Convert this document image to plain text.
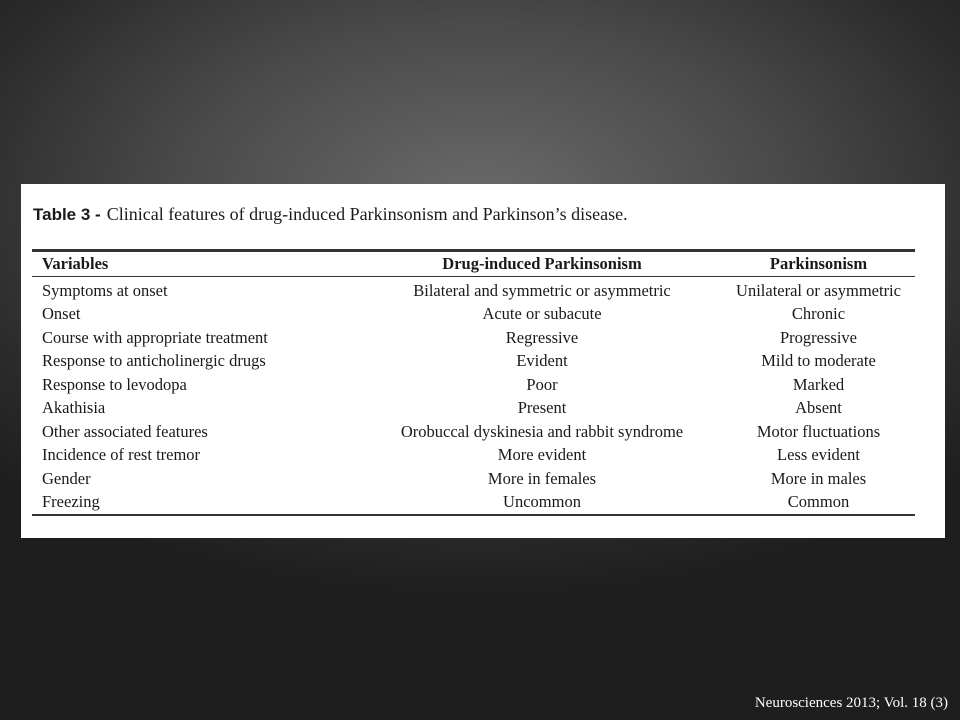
Table 3 - Clinical features of drug-induced Parkinsonism and Parkinson’s disease.
Variables	Drug-induced Parkinsonism	Parkinsonism
Symptoms at onset	Bilateral and symmetric or asymmetric	Unilateral or asymmetric
Onset	Acute or subacute	Chronic
Course with appropriate treatment	Regressive	Progressive
Response to anticholinergic drugs	Evident	Mild to moderate
Response to levodopa	Poor	Marked
Akathisia	Present	Absent
Other associated features	Orobuccal dyskinesia and rabbit syndrome	Motor fluctuations
Incidence of rest tremor	More evident	Less evident
Gender	More in females	More in males
Freezing	Uncommon	Common
Neurosciences 2013; Vol. 18 (3)
